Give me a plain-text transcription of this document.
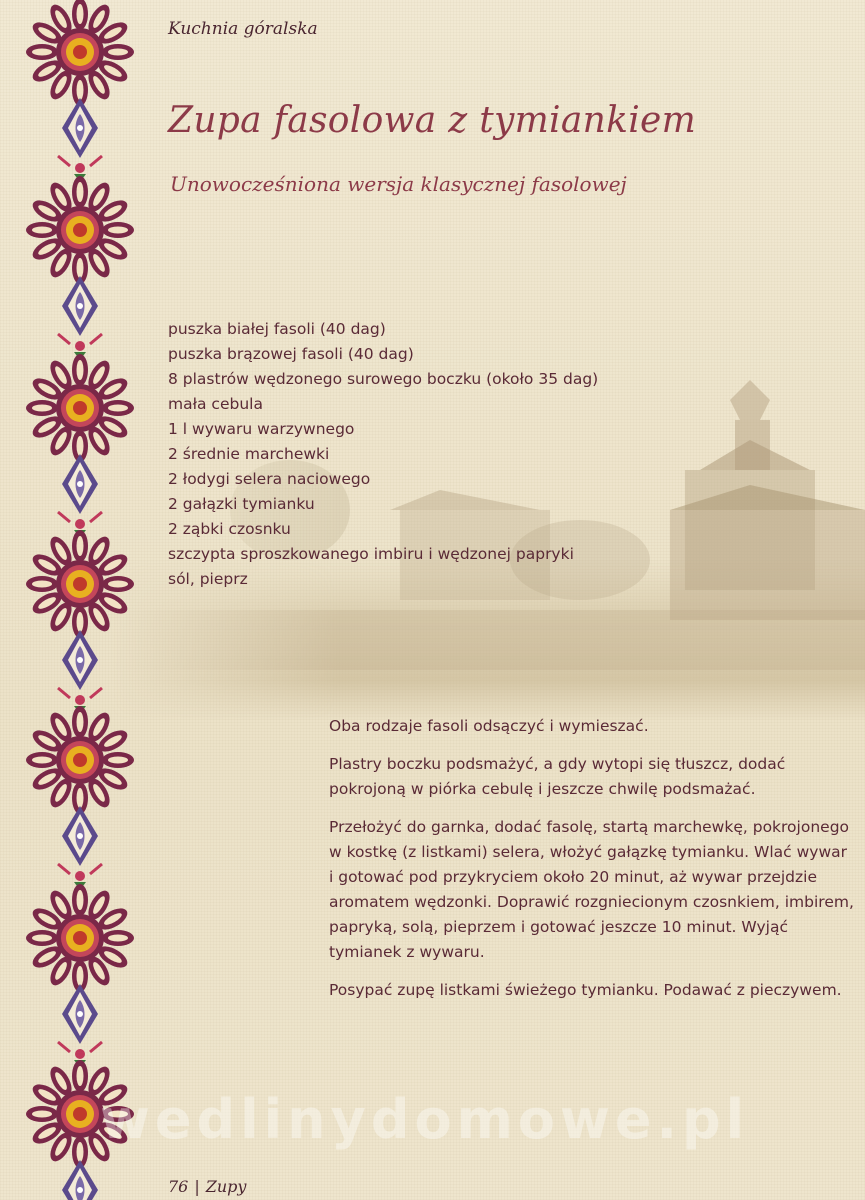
Kuchnia góralska
Zupa fasolowa z tymiankiem
Unowocześniona wersja klasycznej fasolowej
puszka białej fasoli (40 dag)
puszka brązowej fasoli (40 dag)
8 plastrów wędzonego surowego boczku (około 35 dag)
mała cebula
1 l wywaru warzywnego
2 średnie marchewki
2 łodygi selera naciowego
2 gałązki tymianku
2 ząbki czosnku
szczypta sproszkowanego imbiru i wędzonej papryki
sól, pieprz

Oba rodzaje fasoli odsączyć i wymieszać.

Plastry boczku podsmażyć, a gdy wytopi się tłuszcz, dodać pokrojoną w piórka cebulę i jeszcze chwilę podsmażać.

Przełożyć do garnka, dodać fasolę, startą marchewkę, pokrojonego w kostkę (z listkami) selera, włożyć gałązkę tymianku. Wlać wywar i gotować pod przykryciem około 20 minut, aż wywar przejdzie aromatem wędzonki. Doprawić rozgniecionym czosnkiem, imbirem, papryką, solą, pieprzem i gotować jeszcze 10 minut. Wyjąć tymianek z wywaru.

Posypać zupę listkami świeżego tymianku. Podawać z pieczywem.

wedlinydomowe.pl
76 | Zupy
